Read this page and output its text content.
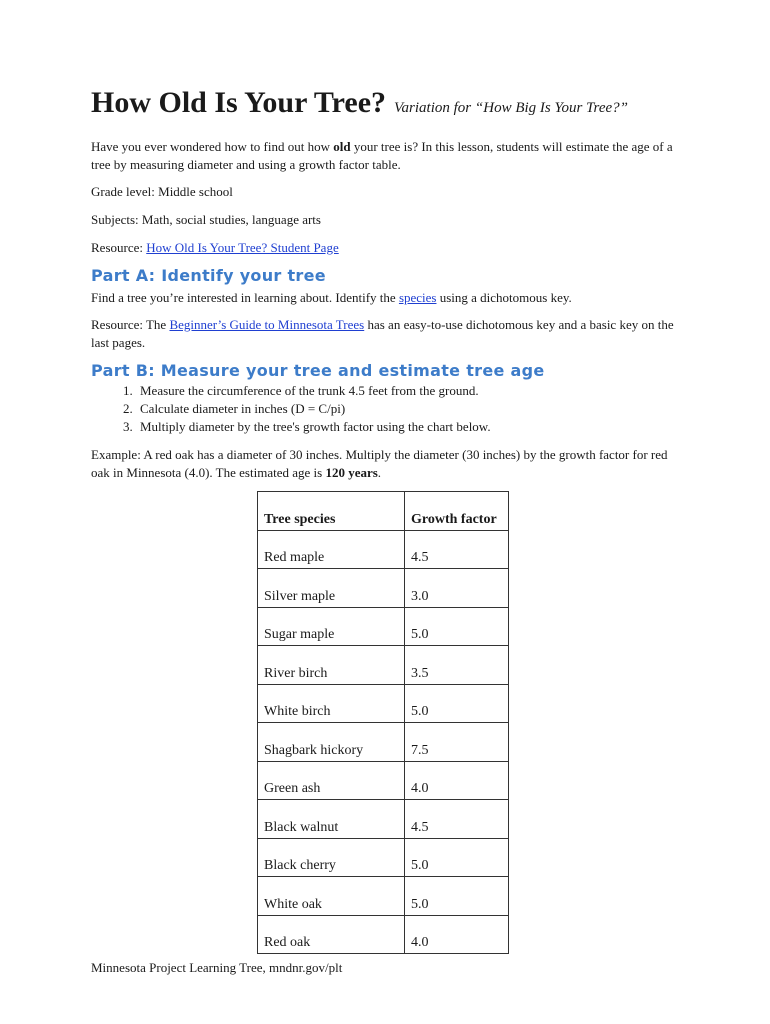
How Old Is Your Tree? Variation for “How Big Is Your Tree?”

Have you ever wondered how to find out how old your tree is? In this lesson, students will estimate the age of a tree by measuring diameter and using a growth factor table.

Grade level: Middle school

Subjects: Math, social studies, language arts

Resource: How Old Is Your Tree? Student Page

Part A: Identify your tree

Find a tree you’re interested in learning about. Identify the species using a dichotomous key.

Resource: The Beginner’s Guide to Minnesota Trees has an easy-to-use dichotomous key and a basic key on the last pages.

Part B: Measure your tree and estimate tree age
1. Measure the circumference of the trunk 4.5 feet from the ground.
2. Calculate diameter in inches (D = C/pi)
3. Multiply diameter by the tree's growth factor using the chart below.

Example: A red oak has a diameter of 30 inches. Multiply the diameter (30 inches) by the growth factor for red oak in Minnesota (4.0). The estimated age is 120 years.

Tree species	Growth factor
Red maple	4.5
Silver maple	3.0
Sugar maple	5.0
River birch	3.5
White birch	5.0
Shagbark hickory	7.5
Green ash	4.0
Black walnut	4.5
Black cherry	5.0
White oak	5.0
Red oak	4.0
Minnesota Project Learning Tree, mndnr.gov/plt
